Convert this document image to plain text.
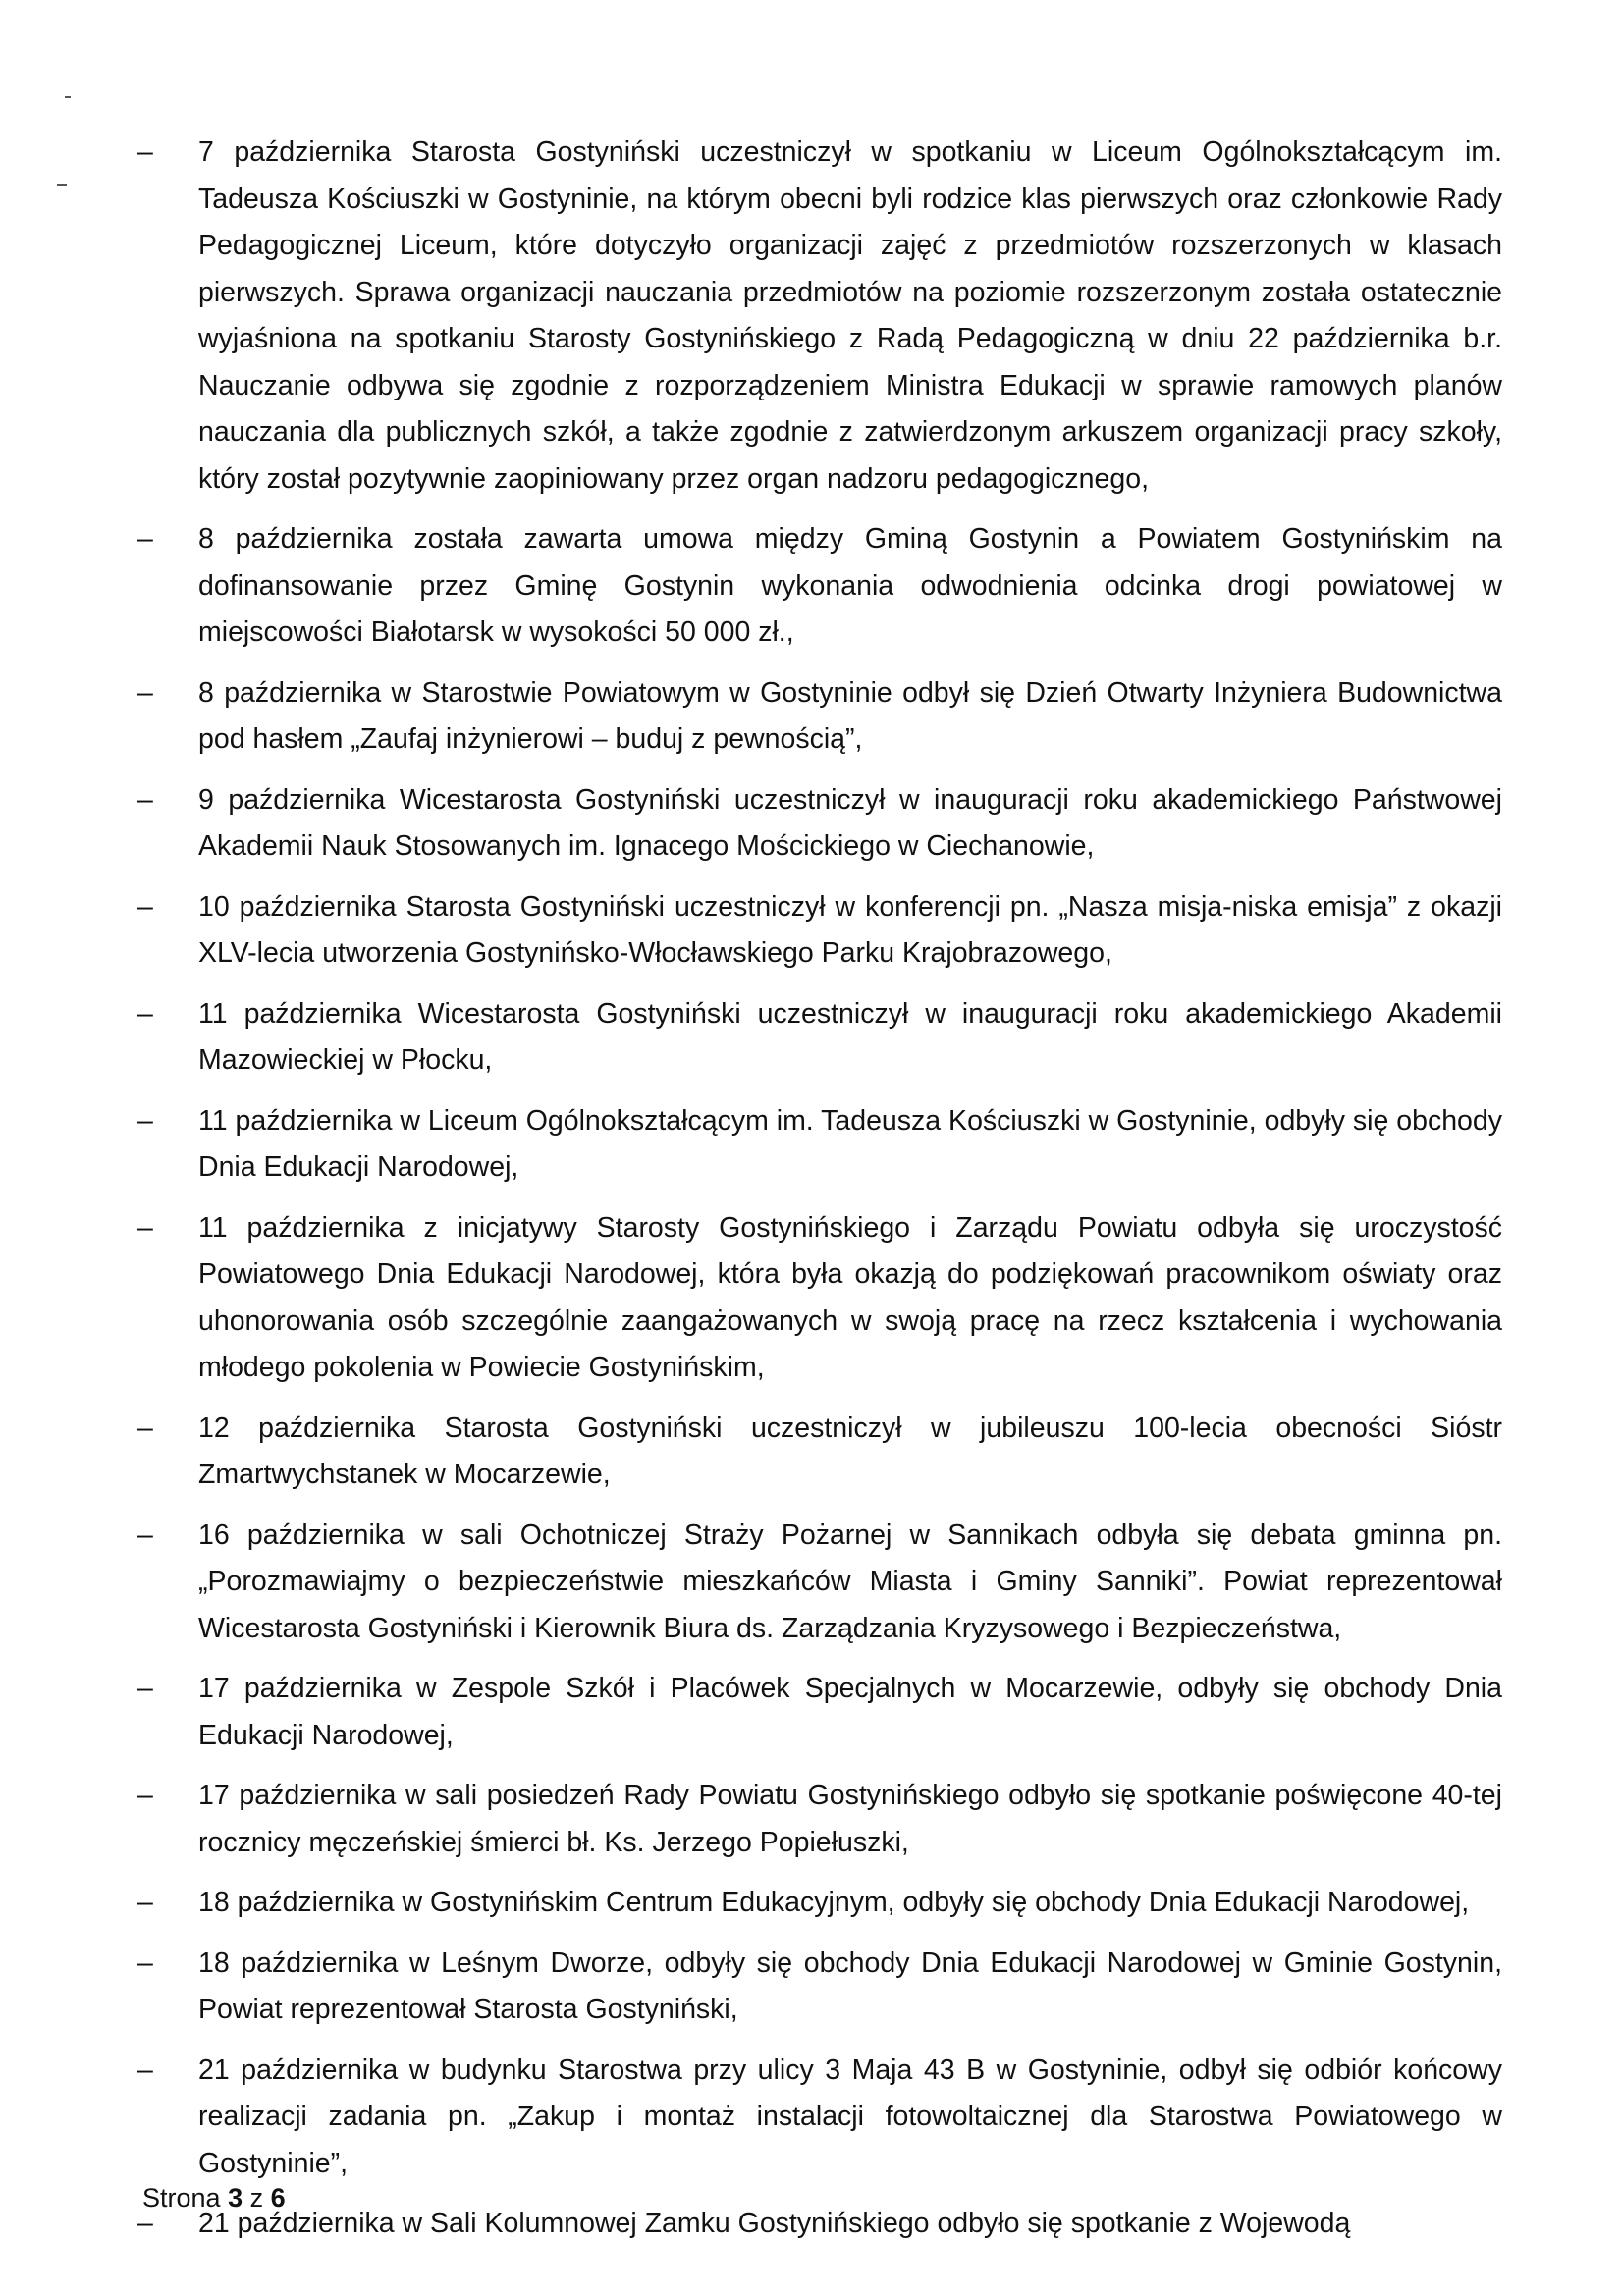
–	7 października Starosta Gostyniński uczestniczył w spotkaniu w Liceum Ogólnokształcącym im. Tadeusza Kościuszki w Gostyninie, na którym obecni byli rodzice klas pierwszych oraz członkowie Rady Pedagogicznej Liceum, które dotyczyło organizacji zajęć z przedmiotów rozszerzonych w klasach pierwszych. Sprawa organizacji nauczania przedmiotów na poziomie rozszerzonym została ostatecznie wyjaśniona na spotkaniu Starosty Gostynińskiego z Radą Pedagogiczną w dniu 22 października b.r. Nauczanie odbywa się zgodnie z rozporządzeniem Ministra Edukacji w sprawie ramowych planów nauczania dla publicznych szkół, a także zgodnie z zatwierdzonym arkuszem organizacji pracy szkoły, który został pozytywnie zaopiniowany przez organ nadzoru pedagogicznego,
–	8 października została zawarta umowa między Gminą Gostynin a Powiatem Gostynińskim na dofinansowanie przez Gminę Gostynin wykonania odwodnienia odcinka drogi powiatowej w miejscowości Białotarsk w wysokości 50 000 zł.,
–	8 października w Starostwie Powiatowym w Gostyninie odbył się Dzień Otwarty Inżyniera Budownictwa pod hasłem „Zaufaj inżynierowi – buduj z pewnością”,
–	9 października Wicestarosta Gostyniński uczestniczył w inauguracji roku akademickiego Państwowej Akademii Nauk Stosowanych im. Ignacego Mościckiego w Ciechanowie,
–	10 października Starosta Gostyniński uczestniczył w konferencji pn. „Nasza misja-niska emisja” z okazji XLV-lecia utworzenia Gostynińsko-Włocławskiego Parku Krajobrazowego,
–	11 października Wicestarosta Gostyniński uczestniczył w inauguracji roku akademickiego Akademii Mazowieckiej w Płocku,
–	11 października w Liceum Ogólnokształcącym im. Tadeusza Kościuszki w Gostyninie, odbyły się obchody Dnia Edukacji Narodowej,
–	11 października z inicjatywy Starosty Gostynińskiego i Zarządu Powiatu odbyła się uroczystość Powiatowego Dnia Edukacji Narodowej, która była okazją do podziękowań pracownikom oświaty oraz uhonorowania osób szczególnie zaangażowanych w swoją pracę na rzecz kształcenia i wychowania młodego pokolenia w Powiecie Gostynińskim,
–	12 października Starosta Gostyniński uczestniczył w jubileuszu 100-lecia obecności Sióstr Zmartwychstanek w Mocarzewie,
–	16 października w sali Ochotniczej Straży Pożarnej w Sannikach odbyła się debata gminna pn. „Porozmawiajmy o bezpieczeństwie mieszkańców Miasta i Gminy Sanniki”. Powiat reprezentował Wicestarosta Gostyniński i Kierownik Biura ds. Zarządzania Kryzysowego i Bezpieczeństwa,
–	17 października w Zespole Szkół i Placówek Specjalnych w Mocarzewie, odbyły się obchody Dnia Edukacji Narodowej,
–	17 października w sali posiedzeń Rady Powiatu Gostynińskiego odbyło się spotkanie poświęcone 40-tej rocznicy męczeńskiej śmierci bł. Ks. Jerzego Popiełuszki,
–	18 października w Gostynińskim Centrum Edukacyjnym, odbyły się obchody Dnia Edukacji Narodowej,
–	18 października w Leśnym Dworze, odbyły się obchody Dnia Edukacji Narodowej w Gminie Gostynin, Powiat reprezentował Starosta Gostyniński,
–	21 października w budynku Starostwa przy ulicy 3 Maja 43 B w Gostyninie, odbył się odbiór końcowy realizacji zadania pn. „Zakup i montaż instalacji fotowoltaicznej dla Starostwa Powiatowego w Gostyninie”,
–	21 października w Sali Kolumnowej Zamku Gostynińskiego odbyło się spotkanie z Wojewodą
Strona 3 z 6
